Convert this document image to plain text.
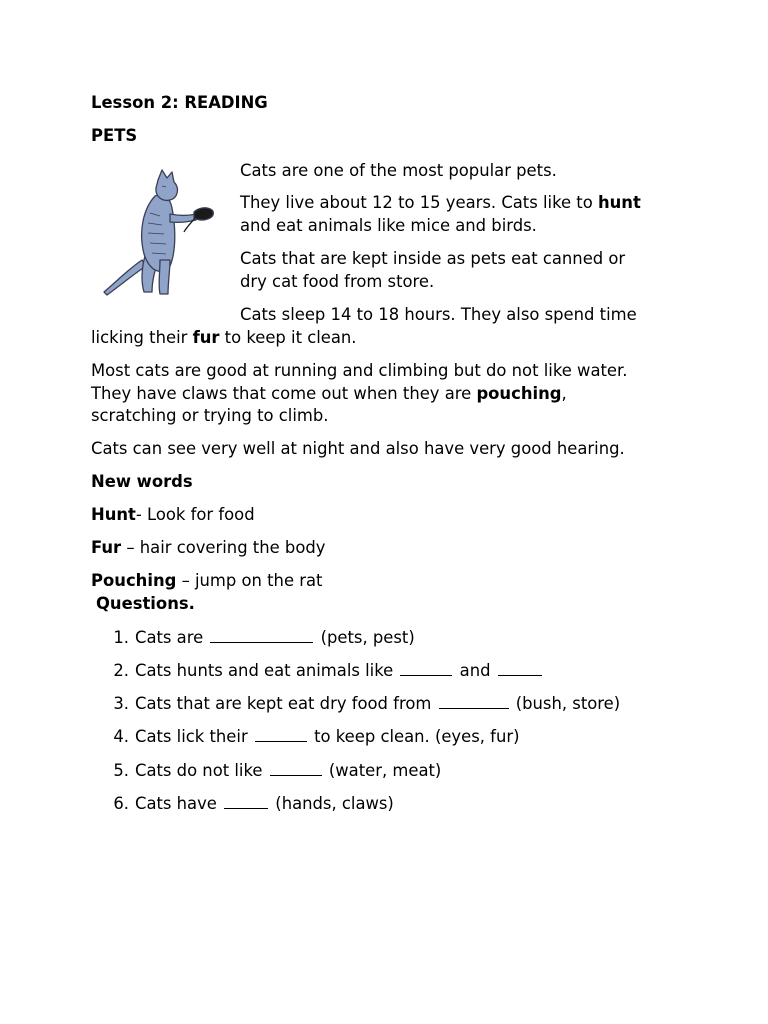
Lesson 2: READING
PETS
Cats are one of the most popular pets.
They live about 12 to 15 years. Cats like to hunt
and eat animals like mice and birds.
Cats that are kept inside as pets eat canned or
dry cat food from store.
Cats sleep 14 to 18 hours. They also spend time
licking their fur to keep it clean.
Most cats are good at running and climbing but do not like water.
They have claws that come out when they are pouching,
scratching or trying to climb.
Cats can see very well at night and also have very good hearing.
New words
Hunt- Look for food
Fur – hair covering the body
Pouching – jump on the rat
Questions.
1. Cats are	(pets, pest)
2. Cats hunts and eat animals like	and
3. Cats that are kept eat dry food from	(bush, store)
4. Cats lick their	to keep clean. (eyes, fur)
5. Cats do not like	(water, meat)
6. Cats have	(hands, claws)
